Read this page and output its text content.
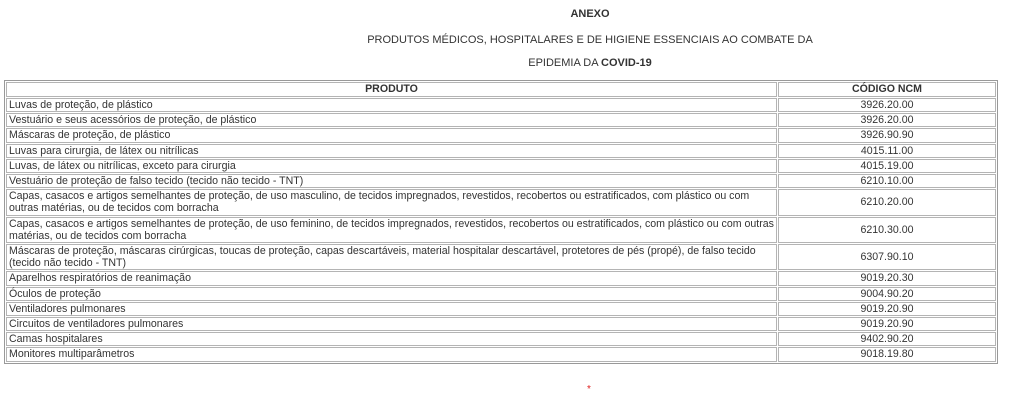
ANEXO
PRODUTOS MÉDICOS, HOSPITALARES E DE HIGIENE ESSENCIAIS AO COMBATE DA
EPIDEMIA DA COVID-19
PRODUTO	CÓDIGO NCM
Luvas de proteção, de plástico	3926.20.00
Vestuário e seus acessórios de proteção, de plástico	3926.20.00
Máscaras de proteção, de plástico	3926.90.90
Luvas para cirurgia, de látex ou nitrílicas	4015.11.00
Luvas, de látex ou nitrílicas, exceto para cirurgia	4015.19.00
Vestuário de proteção de falso tecido (tecido não tecido - TNT)	6210.10.00
Capas, casacos e artigos semelhantes de proteção, de uso masculino, de tecidos impregnados, revestidos, recobertos ou estratificados, com plástico ou com outras matérias, ou de tecidos com borracha	6210.20.00
Capas, casacos e artigos semelhantes de proteção, de uso feminino, de tecidos impregnados, revestidos, recobertos ou estratificados, com plástico ou com outras matérias, ou de tecidos com borracha	6210.30.00
Máscaras de proteção, máscaras cirúrgicas, toucas de proteção, capas descartáveis, material hospitalar descartável, protetores de pés (propé), de falso tecido (tecido não tecido - TNT)	6307.90.10
Aparelhos respiratórios de reanimação	9019.20.30
Óculos de proteção	9004.90.20
Ventiladores pulmonares	9019.20.90
Circuitos de ventiladores pulmonares	9019.20.90
Camas hospitalares	9402.90.20
Monitores multiparâmetros	9018.19.80
*
